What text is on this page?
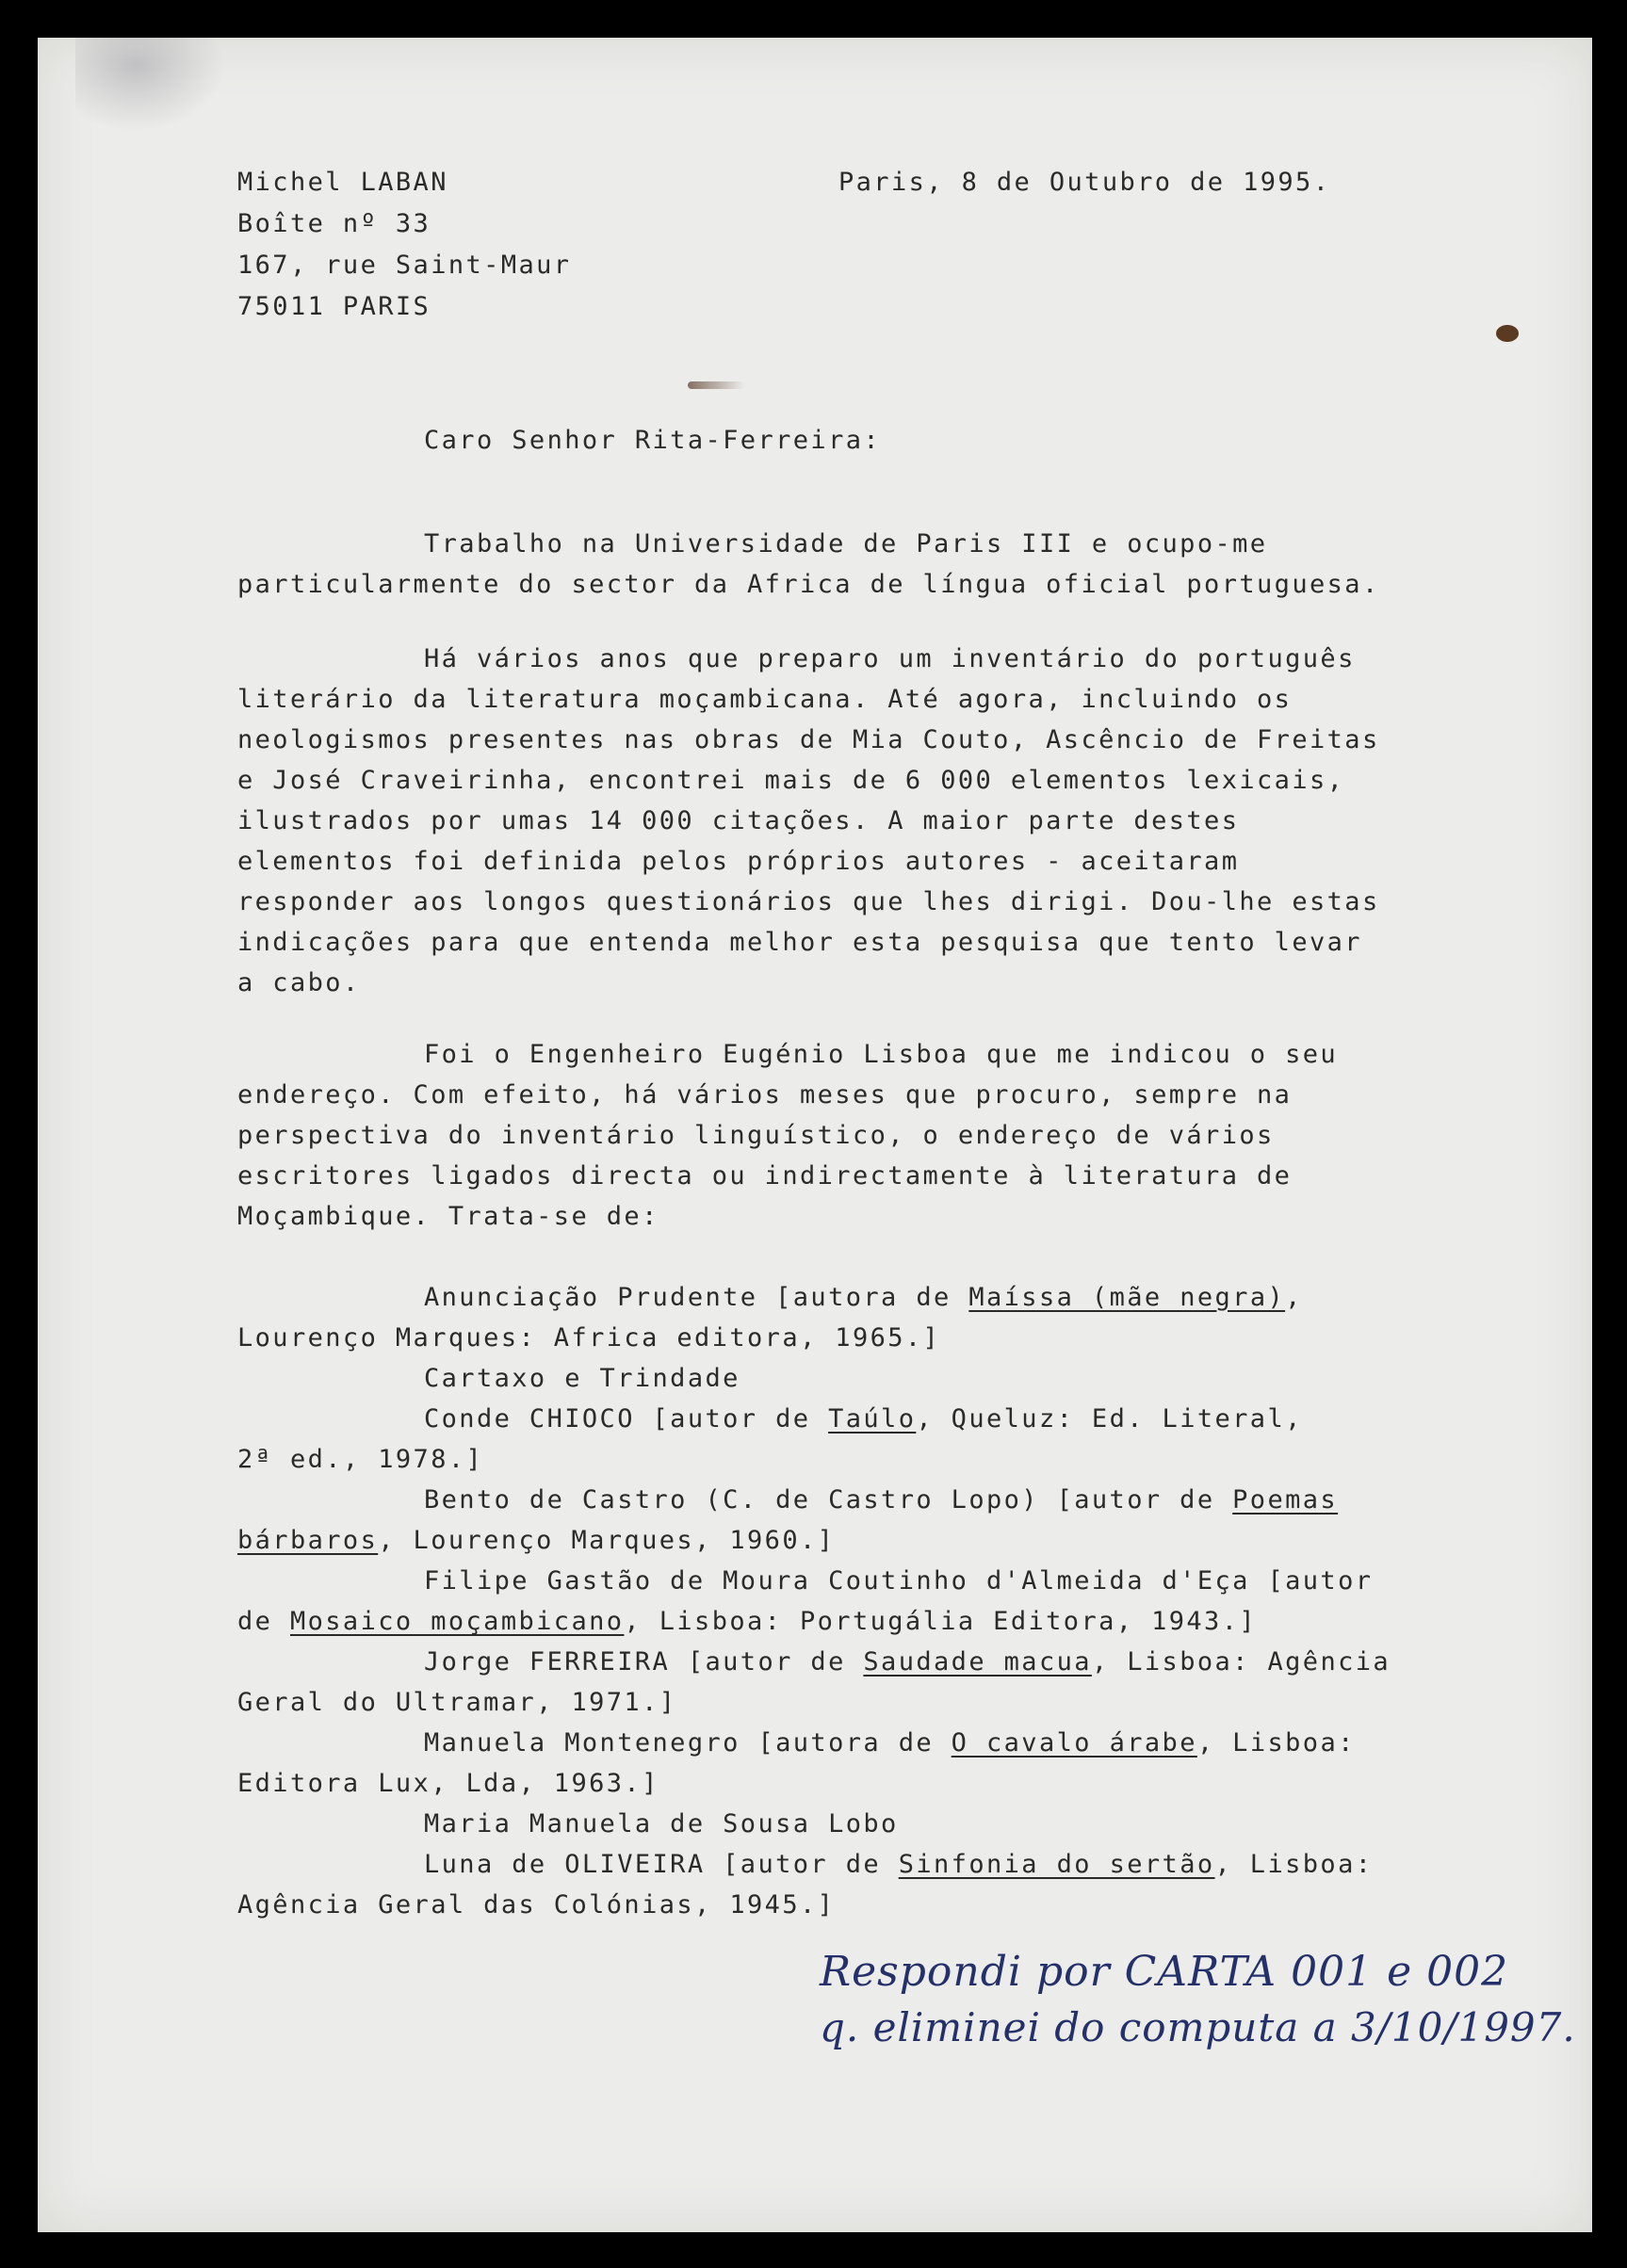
Michel LABAN

Boîte nº 33

167, rue Saint-Maur

75011 PARIS

Paris, 8 de Outubro de 1995.

Caro Senhor Rita-Ferreira:

Trabalho na Universidade de Paris III e ocupo-me

particularmente do sector da Africa de língua oficial portuguesa.

Há vários anos que preparo um inventário do português

literário da literatura moçambicana. Até agora, incluindo os

neologismos presentes nas obras de Mia Couto, Ascêncio de Freitas

e José Craveirinha, encontrei mais de 6 000 elementos lexicais,

ilustrados por umas 14 000 citações. A maior parte destes

elementos foi definida pelos próprios autores - aceitaram

responder aos longos questionários que lhes dirigi. Dou-lhe estas

indicações para que entenda melhor esta pesquisa que tento levar

a cabo.

Foi o Engenheiro Eugénio Lisboa que me indicou o seu

endereço. Com efeito, há vários meses que procuro, sempre na

perspectiva do inventário linguístico, o endereço de vários

escritores ligados directa ou indirectamente à literatura de

Moçambique. Trata-se de:

Anunciação Prudente [autora de Maíssa (mãe negra),

Lourenço Marques: Africa editora, 1965.]

Cartaxo e Trindade

Conde CHIOCO [autor de Taúlo, Queluz: Ed. Literal,

2ª ed., 1978.]

Bento de Castro (C. de Castro Lopo) [autor de Poemas

bárbaros, Lourenço Marques, 1960.]

Filipe Gastão de Moura Coutinho d'Almeida d'Eça [autor

de Mosaico moçambicano, Lisboa: Portugália Editora, 1943.]

Jorge FERREIRA [autor de Saudade macua, Lisboa: Agência

Geral do Ultramar, 1971.]

Manuela Montenegro [autora de O cavalo árabe, Lisboa:

Editora Lux, Lda, 1963.]

Maria Manuela de Sousa Lobo

Luna de OLIVEIRA [autor de Sinfonia do sertão, Lisboa:

Agência Geral das Colónias, 1945.]

Respondi por CARTA 001 e 002

q. eliminei do computa a 3/10/1997.
